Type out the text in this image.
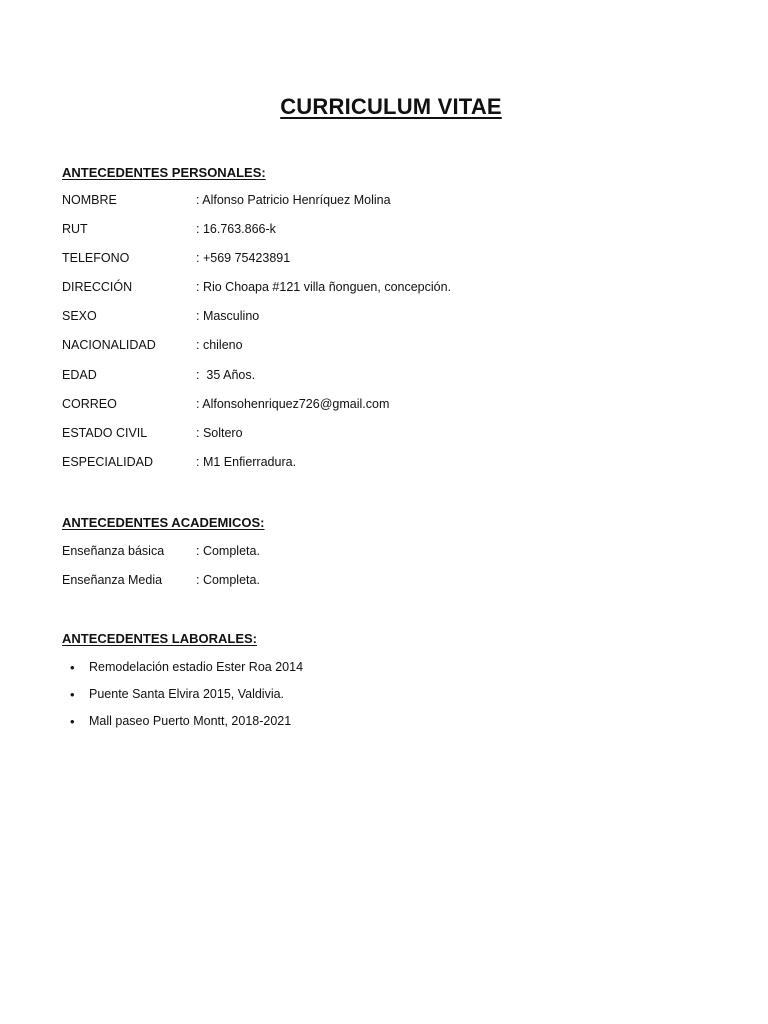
CURRICULUM VITAE
ANTECEDENTES PERSONALES:
NOMBRE	: Alfonso Patricio Henríquez Molina
RUT	: 16.763.866-k
TELEFONO	: +569 75423891
DIRECCIÓN	: Rio Choapa #121 villa ñonguen, concepción.
SEXO	: Masculino
NACIONALIDAD	: chileno
EDAD	:  35 Años.
CORREO	: Alfonsohenriquez726@gmail.com
ESTADO CIVIL	: Soltero
ESPECIALIDAD	: M1 Enfierradura.
ANTECEDENTES ACADEMICOS:
Enseñanza básica	: Completa.
Enseñanza Media	: Completa.
ANTECEDENTES LABORALES:
•	Remodelación estadio Ester Roa 2014
•	Puente Santa Elvira 2015, Valdivia.
•	Mall paseo Puerto Montt, 2018-2021
